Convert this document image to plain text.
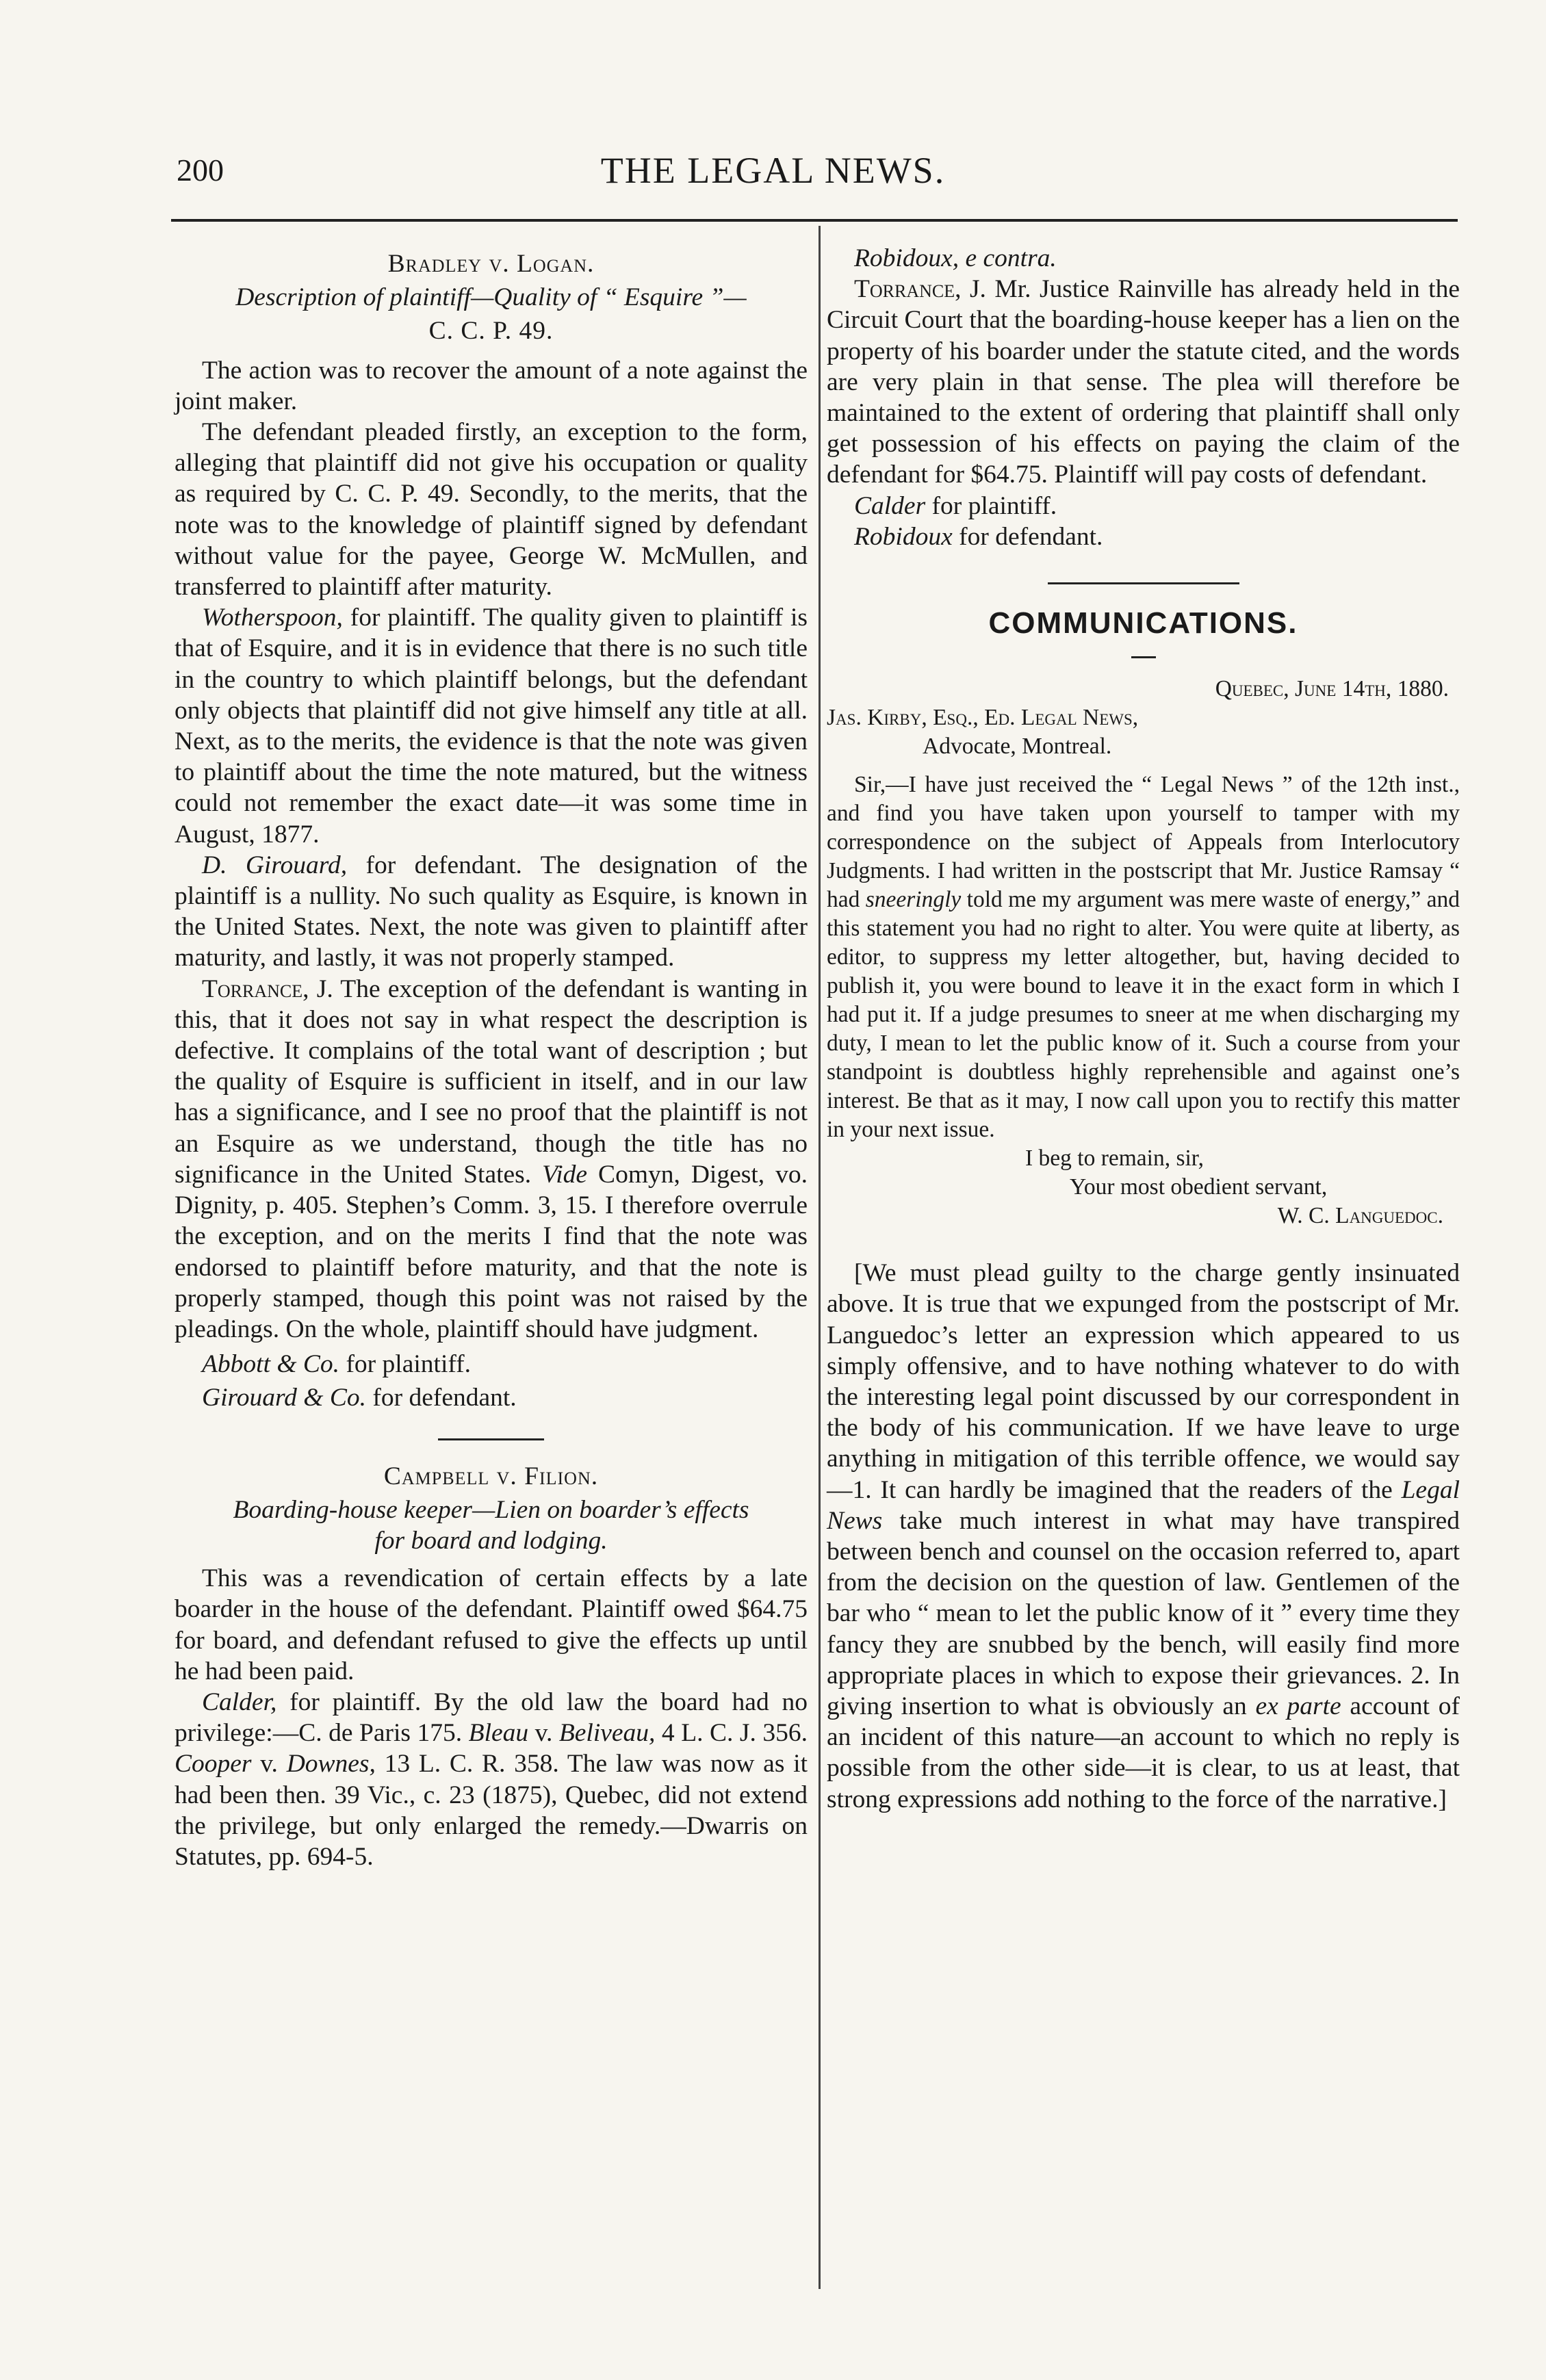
200	THE LEGAL NEWS.

Bradley v. Logan.

Description of plaintiff—Quality of “ Esquire ”—

C. C. P. 49.

The action was to recover the amount of a note against the joint maker.

The defendant pleaded firstly, an exception to the form, alleging that plaintiff did not give his occupation or quality as required by C. C. P. 49. Secondly, to the merits, that the note was to the knowledge of plaintiff signed by defendant without value for the payee, George W. McMullen, and transferred to plaintiff after maturity.

Wotherspoon, for plaintiff. The quality given to plaintiff is that of Esquire, and it is in evidence that there is no such title in the country to which plaintiff belongs, but the defendant only objects that plaintiff did not give himself any title at all. Next, as to the merits, the evidence is that the note was given to plaintiff about the time the note matured, but the witness could not remember the exact date—it was some time in August, 1877.

D. Girouard, for defendant. The designation of the plaintiff is a nullity. No such quality as Esquire, is known in the United States. Next, the note was given to plaintiff after maturity, and lastly, it was not properly stamped.

Torrance, J. The exception of the defendant is wanting in this, that it does not say in what respect the description is defective. It complains of the total want of description ; but the quality of Esquire is sufficient in itself, and in our law has a significance, and I see no proof that the plaintiff is not an Esquire as we understand, though the title has no significance in the United States. Vide Comyn, Digest, vo. Dignity, p. 405. Stephen’s Comm. 3, 15. I therefore overrule the exception, and on the merits I find that the note was endorsed to plaintiff before maturity, and that the note is properly stamped, though this point was not raised by the pleadings. On the whole, plaintiff should have judgment.

Abbott & Co. for plaintiff.

Girouard & Co. for defendant.

Campbell v. Filion.

Boarding-house keeper—Lien on boarder’s effects

for board and lodging.

This was a revendication of certain effects by a late boarder in the house of the defendant. Plaintiff owed $64.75 for board, and defendant refused to give the effects up until he had been paid.

Calder, for plaintiff. By the old law the board had no privilege:—C. de Paris 175. Bleau v. Beliveau, 4 L. C. J. 356. Cooper v. Downes, 13 L. C. R. 358. The law was now as it had been then. 39 Vic., c. 23 (1875), Quebec, did not extend the privilege, but only enlarged the remedy.—Dwarris on Statutes, pp. 694-5.

Robidoux, e contra.

Torrance, J. Mr. Justice Rainville has already held in the Circuit Court that the boarding-house keeper has a lien on the property of his boarder under the statute cited, and the words are very plain in that sense. The plea will therefore be maintained to the extent of ordering that plaintiff shall only get possession of his effects on paying the claim of the defendant for $64.75. Plaintiff will pay costs of defendant.

Calder for plaintiff.

Robidoux for defendant.

COMMUNICATIONS.

Quebec, June 14th, 1880.

Jas. Kirby, Esq., Ed. Legal News,

Advocate, Montreal.

Sir,—I have just received the “ Legal News ” of the 12th inst., and find you have taken upon yourself to tamper with my correspondence on the subject of Appeals from Interlocutory Judgments. I had written in the postscript that Mr. Justice Ramsay “ had sneeringly told me my argument was mere waste of energy,” and this statement you had no right to alter. You were quite at liberty, as editor, to suppress my letter altogether, but, having decided to publish it, you were bound to leave it in the exact form in which I had put it. If a judge presumes to sneer at me when discharging my duty, I mean to let the public know of it. Such a course from your standpoint is doubtless highly reprehensible and against one’s interest. Be that as it may, I now call upon you to rectify this matter in your next issue.

I beg to remain, sir,

Your most obedient servant,

W. C. Languedoc.

[We must plead guilty to the charge gently insinuated above. It is true that we expunged from the postscript of Mr. Languedoc’s letter an expression which appeared to us simply offensive, and to have nothing whatever to do with the interesting legal point discussed by our correspondent in the body of his communication. If we have leave to urge anything in mitigation of this terrible offence, we would say—1. It can hardly be imagined that the readers of the Legal News take much interest in what may have transpired between bench and counsel on the occasion referred to, apart from the decision on the question of law. Gentlemen of the bar who “ mean to let the public know of it ” every time they fancy they are snubbed by the bench, will easily find more appropriate places in which to expose their grievances. 2. In giving insertion to what is obviously an ex parte account of an incident of this nature—an account to which no reply is possible from the other side—it is clear, to us at least, that strong expressions add nothing to the force of the narrative.]
